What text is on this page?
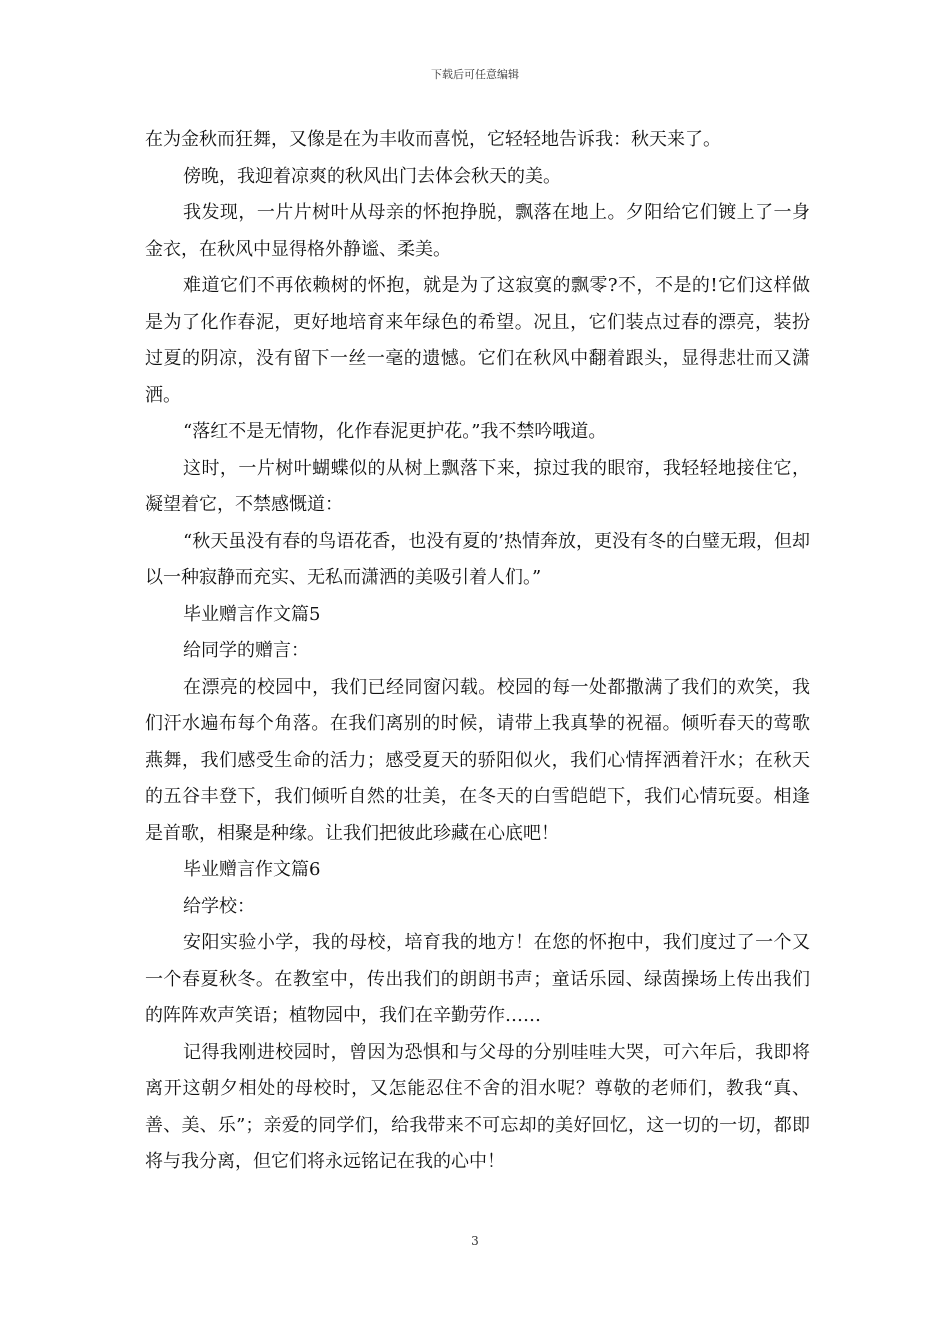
下载后可任意编辑

在为金秋而狂舞，又像是在为丰收而喜悦，它轻轻地告诉我：秋天来了。

傍晚，我迎着凉爽的秋风出门去体会秋天的美。

我发现，一片片树叶从母亲的怀抱挣脱，飘落在地上。夕阳给它们镀上了一身金衣，在秋风中显得格外静谧、柔美。

难道它们不再依赖树的怀抱，就是为了这寂寞的飘零?不，不是的!它们这样做是为了化作春泥，更好地培育来年绿色的希望。况且，它们装点过春的漂亮，装扮过夏的阴凉，没有留下一丝一毫的遗憾。它们在秋风中翻着跟头，显得悲壮而又潇洒。

“落红不是无情物，化作春泥更护花。”我不禁吟哦道。

这时，一片树叶蝴蝶似的从树上飘落下来，掠过我的眼帘，我轻轻地接住它，凝望着它，不禁感慨道：

“秋天虽没有春的鸟语花香，也没有夏的’热情奔放，更没有冬的白璧无瑕，但却以一种寂静而充实、无私而潇洒的美吸引着人们。”

毕业赠言作文篇5

给同学的赠言：

在漂亮的校园中，我们已经同窗闪载。校园的每一处都撒满了我们的欢笑，我们汗水遍布每个角落。在我们离别的时候，请带上我真挚的祝福。倾听春天的莺歌燕舞，我们感受生命的活力；感受夏天的骄阳似火，我们心情挥洒着汗水；在秋天的五谷丰登下，我们倾听自然的壮美，在冬天的白雪皑皑下，我们心情玩耍。相逢是首歌，相聚是种缘。让我们把彼此珍藏在心底吧！

毕业赠言作文篇6

给学校：

安阳实验小学，我的母校，培育我的地方！在您的怀抱中，我们度过了一个又一个春夏秋冬。在教室中，传出我们的朗朗书声；童话乐园、绿茵操场上传出我们的阵阵欢声笑语；植物园中，我们在辛勤劳作……

记得我刚进校园时，曾因为恐惧和与父母的分别哇哇大哭，可六年后，我即将离开这朝夕相处的母校时，又怎能忍住不舍的泪水呢？尊敬的老师们，教我“真、善、美、乐”；亲爱的同学们，给我带来不可忘却的美好回忆，这一切的一切，都即将与我分离，但它们将永远铭记在我的心中！

3
